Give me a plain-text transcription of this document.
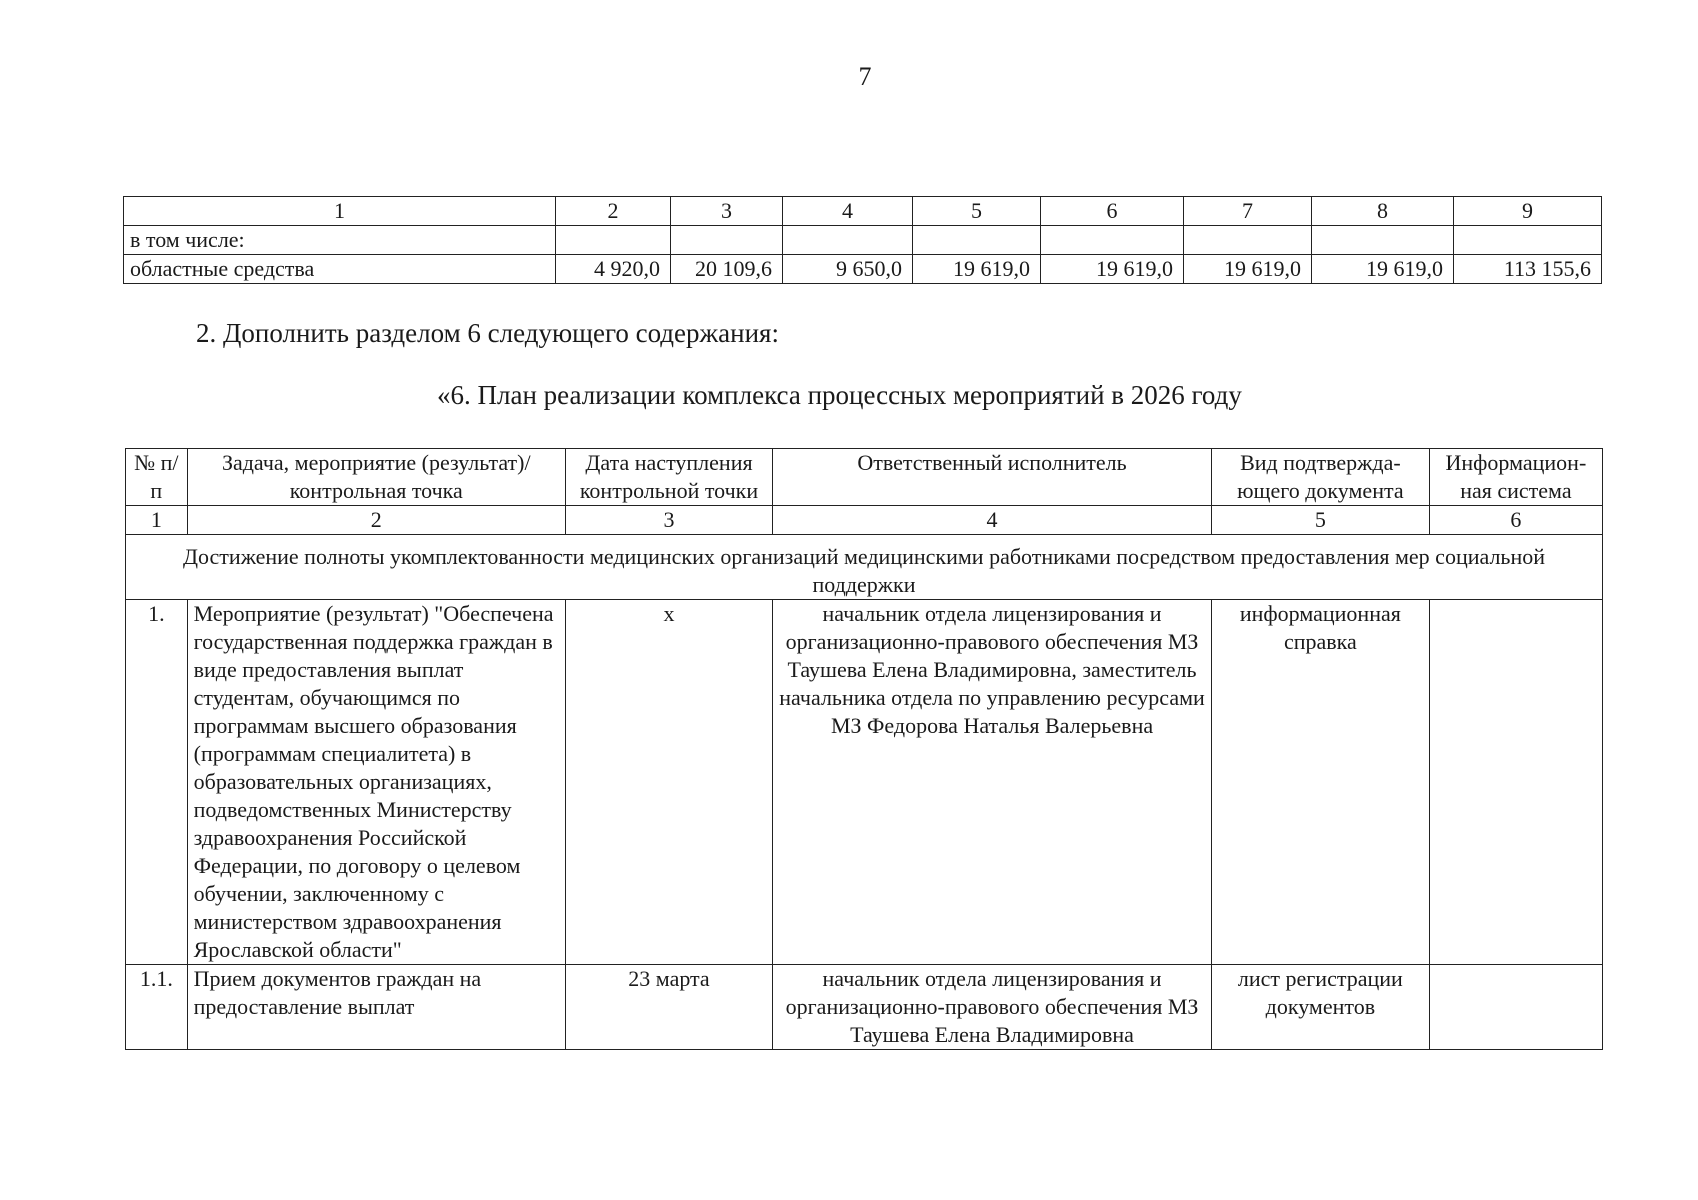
7
1	2	3	4	5	6	7	8	9
в том числе:								
областные средства	4 920,0	20 109,6	9 650,0	19 619,0	19 619,0	19 619,0	19 619,0	113 155,6
2. Дополнить разделом 6 следующего содержания:
«6. План реализации комплекса процессных мероприятий в 2026 году
№ п/п	Задача, мероприятие (результат)/ контрольная точка	Дата наступления контрольной точки	Ответственный исполнитель	Вид подтвержда-ющего документа	Информацион-ная система
1	2	3	4	5	6
Достижение полноты укомплектованности медицинских организаций медицинскими работниками посредством предоставления мер социальной поддержки					
1.	Мероприятие (результат) "Обеспечена государственная поддержка граждан в виде предоставления выплат студентам, обучающимся по программам высшего образования (программам специалитета) в образовательных организациях, подведомственных Министерству здравоохранения Российской Федерации, по договору о целевом обучении, заключенному с министерством здравоохранения Ярославской области"	х	начальник отдела лицензирования и организационно-правового обеспечения МЗ Таушева Елена Владимировна, заместитель начальника отдела по управлению ресурсами МЗ Федорова Наталья Валерьевна	информационная справка	
1.1.	Прием документов граждан на предоставление выплат	23 марта	начальник отдела лицензирования и организационно-правового обеспечения МЗ Таушева Елена Владимировна	лист регистрации документов	
